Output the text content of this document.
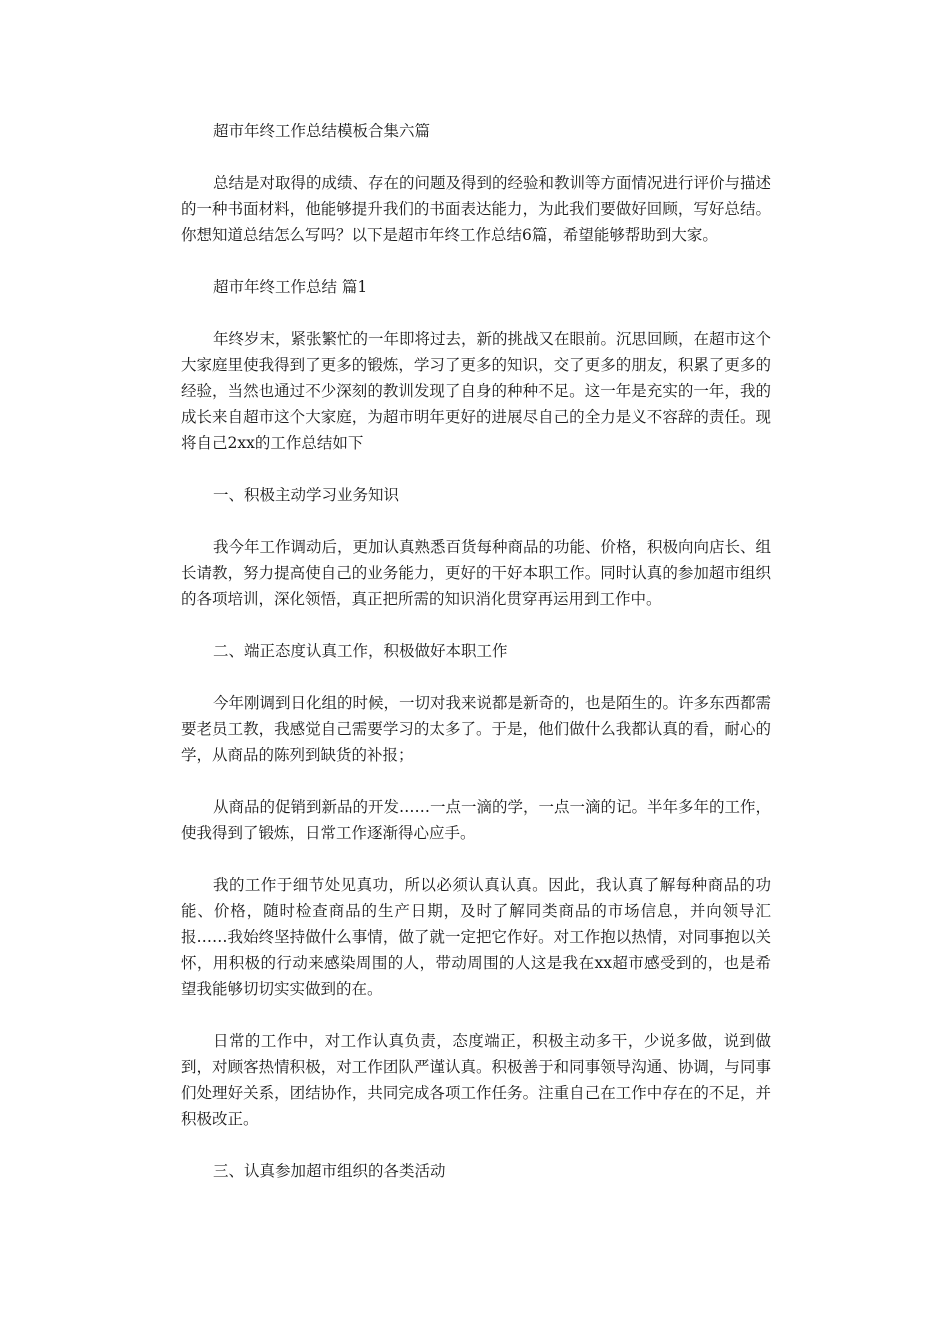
超市年终工作总结模板合集六篇

总结是对取得的成绩、存在的问题及得到的经验和教训等方面情况进行评价与描述的一种书面材料，他能够提升我们的书面表达能力，为此我们要做好回顾，写好总结。你想知道总结怎么写吗？以下是超市年终工作总结6篇，希望能够帮助到大家。

超市年终工作总结 篇1

年终岁末，紧张繁忙的一年即将过去，新的挑战又在眼前。沉思回顾，在超市这个大家庭里使我得到了更多的锻炼，学习了更多的知识，交了更多的朋友，积累了更多的经验，当然也通过不少深刻的教训发现了自身的种种不足。这一年是充实的一年，我的成长来自超市这个大家庭，为超市明年更好的进展尽自己的全力是义不容辞的责任。现将自己2xx的工作总结如下

一、积极主动学习业务知识

我今年工作调动后，更加认真熟悉百货每种商品的功能、价格，积极向向店长、组长请教，努力提高使自己的业务能力，更好的干好本职工作。同时认真的参加超市组织的各项培训，深化领悟，真正把所需的知识消化贯穿再运用到工作中。

二、端正态度认真工作，积极做好本职工作

今年刚调到日化组的时候，一切对我来说都是新奇的，也是陌生的。许多东西都需要老员工教，我感觉自己需要学习的太多了。于是，他们做什么我都认真的看，耐心的学，从商品的陈列到缺货的补报；

从商品的促销到新品的开发……一点一滴的学，一点一滴的记。半年多年的工作，使我得到了锻炼，日常工作逐渐得心应手。

我的工作于细节处见真功，所以必须认真认真。因此，我认真了解每种商品的功能、价格，随时检查商品的生产日期，及时了解同类商品的市场信息，并向领导汇报……我始终坚持做什么事情，做了就一定把它作好。对工作抱以热情，对同事抱以关怀，用积极的行动来感染周围的人，带动周围的人这是我在xx超市感受到的，也是希望我能够切切实实做到的在。

日常的工作中，对工作认真负责，态度端正，积极主动多干，少说多做，说到做到，对顾客热情积极，对工作团队严谨认真。积极善于和同事领导沟通、协调，与同事们处理好关系，团结协作，共同完成各项工作任务。注重自己在工作中存在的不足，并积极改正。

三、认真参加超市组织的各类活动
